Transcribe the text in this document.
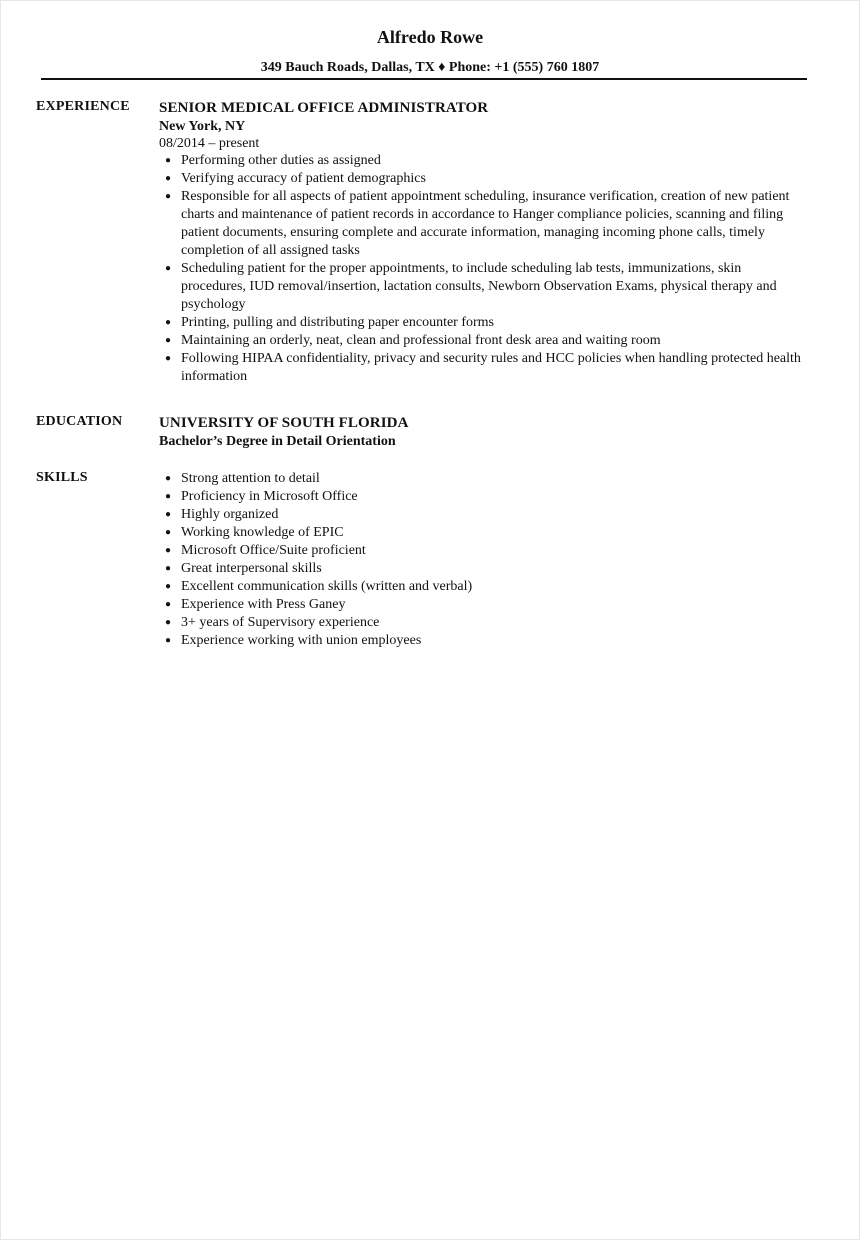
Alfredo Rowe
349 Bauch Roads, Dallas, TX ♦ Phone: +1 (555) 760 1807
EXPERIENCE SENIOR MEDICAL OFFICE ADMINISTRATOR
New York, NY
08/2014 – present
● Performing other duties as assigned
● Verifying accuracy of patient demographics
● Responsible for all aspects of patient appointment scheduling, insurance verification, creation of new patient charts and maintenance of patient records in accordance to Hanger compliance policies, scanning and filing patient documents, ensuring complete and accurate information, managing incoming phone calls, timely completion of all assigned tasks
● Scheduling patient for the proper appointments, to include scheduling lab tests, immunizations, skin procedures, IUD removal/insertion, lactation consults, Newborn Observation Exams, physical therapy and psychology
● Printing, pulling and distributing paper encounter forms
● Maintaining an orderly, neat, clean and professional front desk area and waiting room
● Following HIPAA confidentiality, privacy and security rules and HCC policies when handling protected health information
EDUCATION UNIVERSITY OF SOUTH FLORIDA
Bachelor’s Degree in Detail Orientation
SKILLS	● Strong attention to detail
● Proficiency in Microsoft Office
● Highly organized
● Working knowledge of EPIC
● Microsoft Office/Suite proficient
● Great interpersonal skills
● Excellent communication skills (written and verbal)
● Experience with Press Ganey
● 3+ years of Supervisory experience
● Experience working with union employees
